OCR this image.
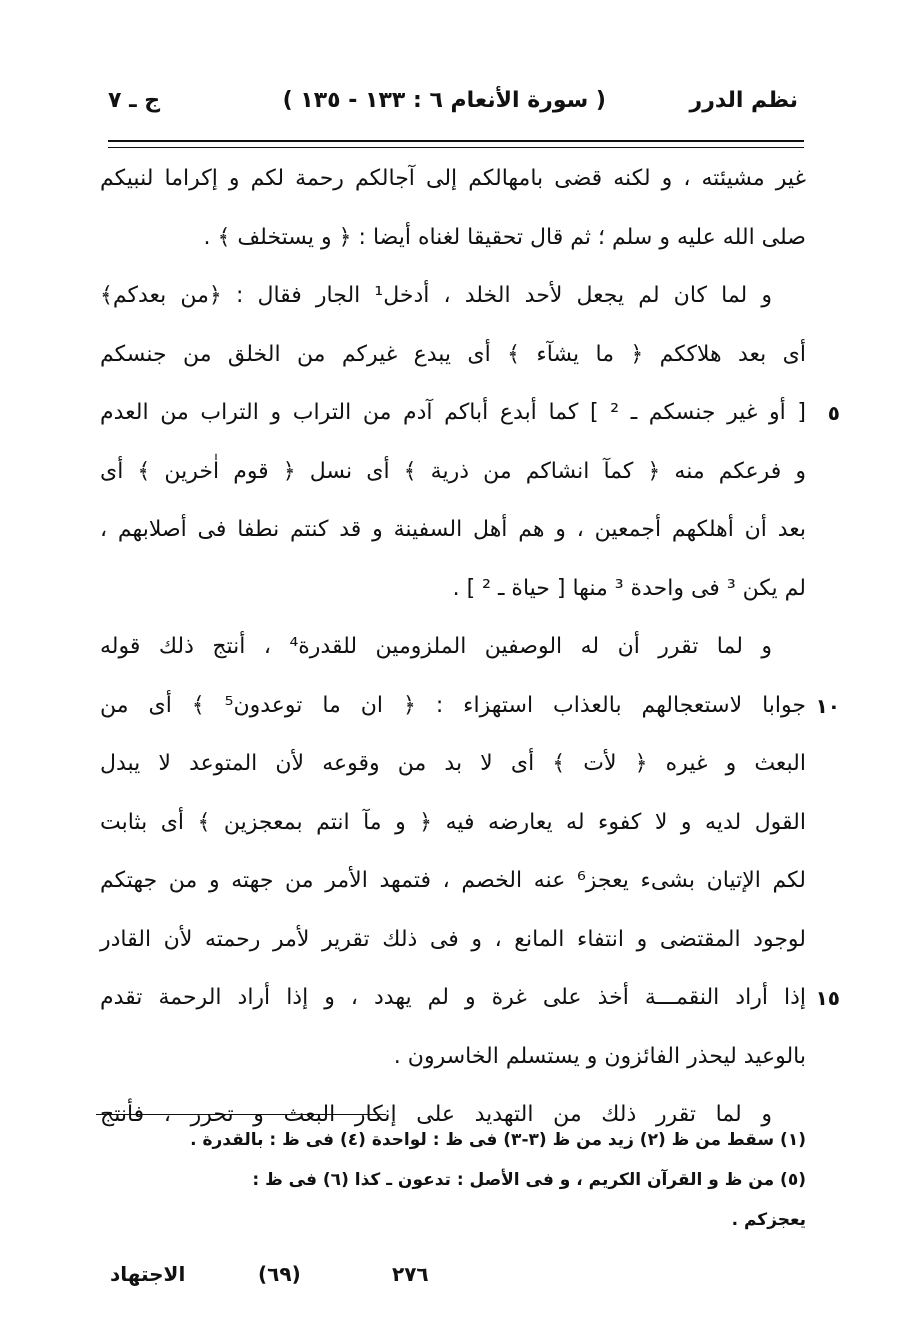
نظم الدرر
( سورة الأنعام ٦ : ١٣٣ - ١٣٥ )
ج ـ ٧
غير مشيئته ، و لكنه قضى بامهالكم إلى آجالكم رحمة لكم و إكراما لنبيكم
صلى الله عليه و سلم ؛ ثم قال تحقيقا لغناه أيضا : ﴿ و يستخلف ﴾ .
و لما كان لم يجعل لأحد الخلد ، أدخل¹ الجار فقال : ﴿من بعدكم﴾
أى بعد هلاككم ﴿ ما يشآء ﴾ أى يبدع غيركم من الخلق من جنسكم
[ أو غير جنسكم ـ ² ] كما أبدع أباكم آدم من التراب و التراب من العدم	٥
و فرعكم منه ﴿ كمآ انشاكم من ذرية ﴾ أى نسل ﴿ قوم اٰخرين ﴾ أى
بعد أن أهلكهم أجمعين ، و هم أهل السفينة و قد كنتم نطفا فى أصلابهم ،
لم يكن ³ فى واحدة ³ منها [ حياة ـ ² ] .
و لما تقرر أن له الوصفين الملزومين للقدرة⁴ ، أنتج ذلك قوله
جوابا لاستعجالهم بالعذاب استهزاء : ﴿ ان ما توعدون⁵ ﴾ أى من ١٠
البعث و غيره ﴿ لأت ﴾ أى لا بد من وقوعه لأن المتوعد لا يبدل
القول لديه و لا كفوء له يعارضه فيه ﴿ و مآ انتم بمعجزين ﴾ أى بثابت
لكم الإتيان بشىء يعجز⁶ عنه الخصم ، فتمهد الأمر من جهته و من جهتكم
لوجود المقتضى و انتفاء المانع ، و فى ذلك تقرير لأمر رحمته لأن القادر
إذا أراد النقمـــة أخذ على غرة و لم يهدد ، و إذا أراد الرحمة تقدم ١٥
بالوعيد ليحذر الفائزون و يستسلم الخاسرون .
و لما تقرر ذلك من التهديد على إنكار البعث و تحرر ، فأنتج
(١) سقط من ظ (٢) زيد من ظ (٣-٣) فى ظ : لواحدة (٤) فى ظ : بالقدرة .
(٥) من ظ و القرآن الكريم ، و فى الأصل : تدعون ـ كذا (٦) فى ظ :
يعجزكم .
الاجتهاد	(٦٩)	٢٧٦
